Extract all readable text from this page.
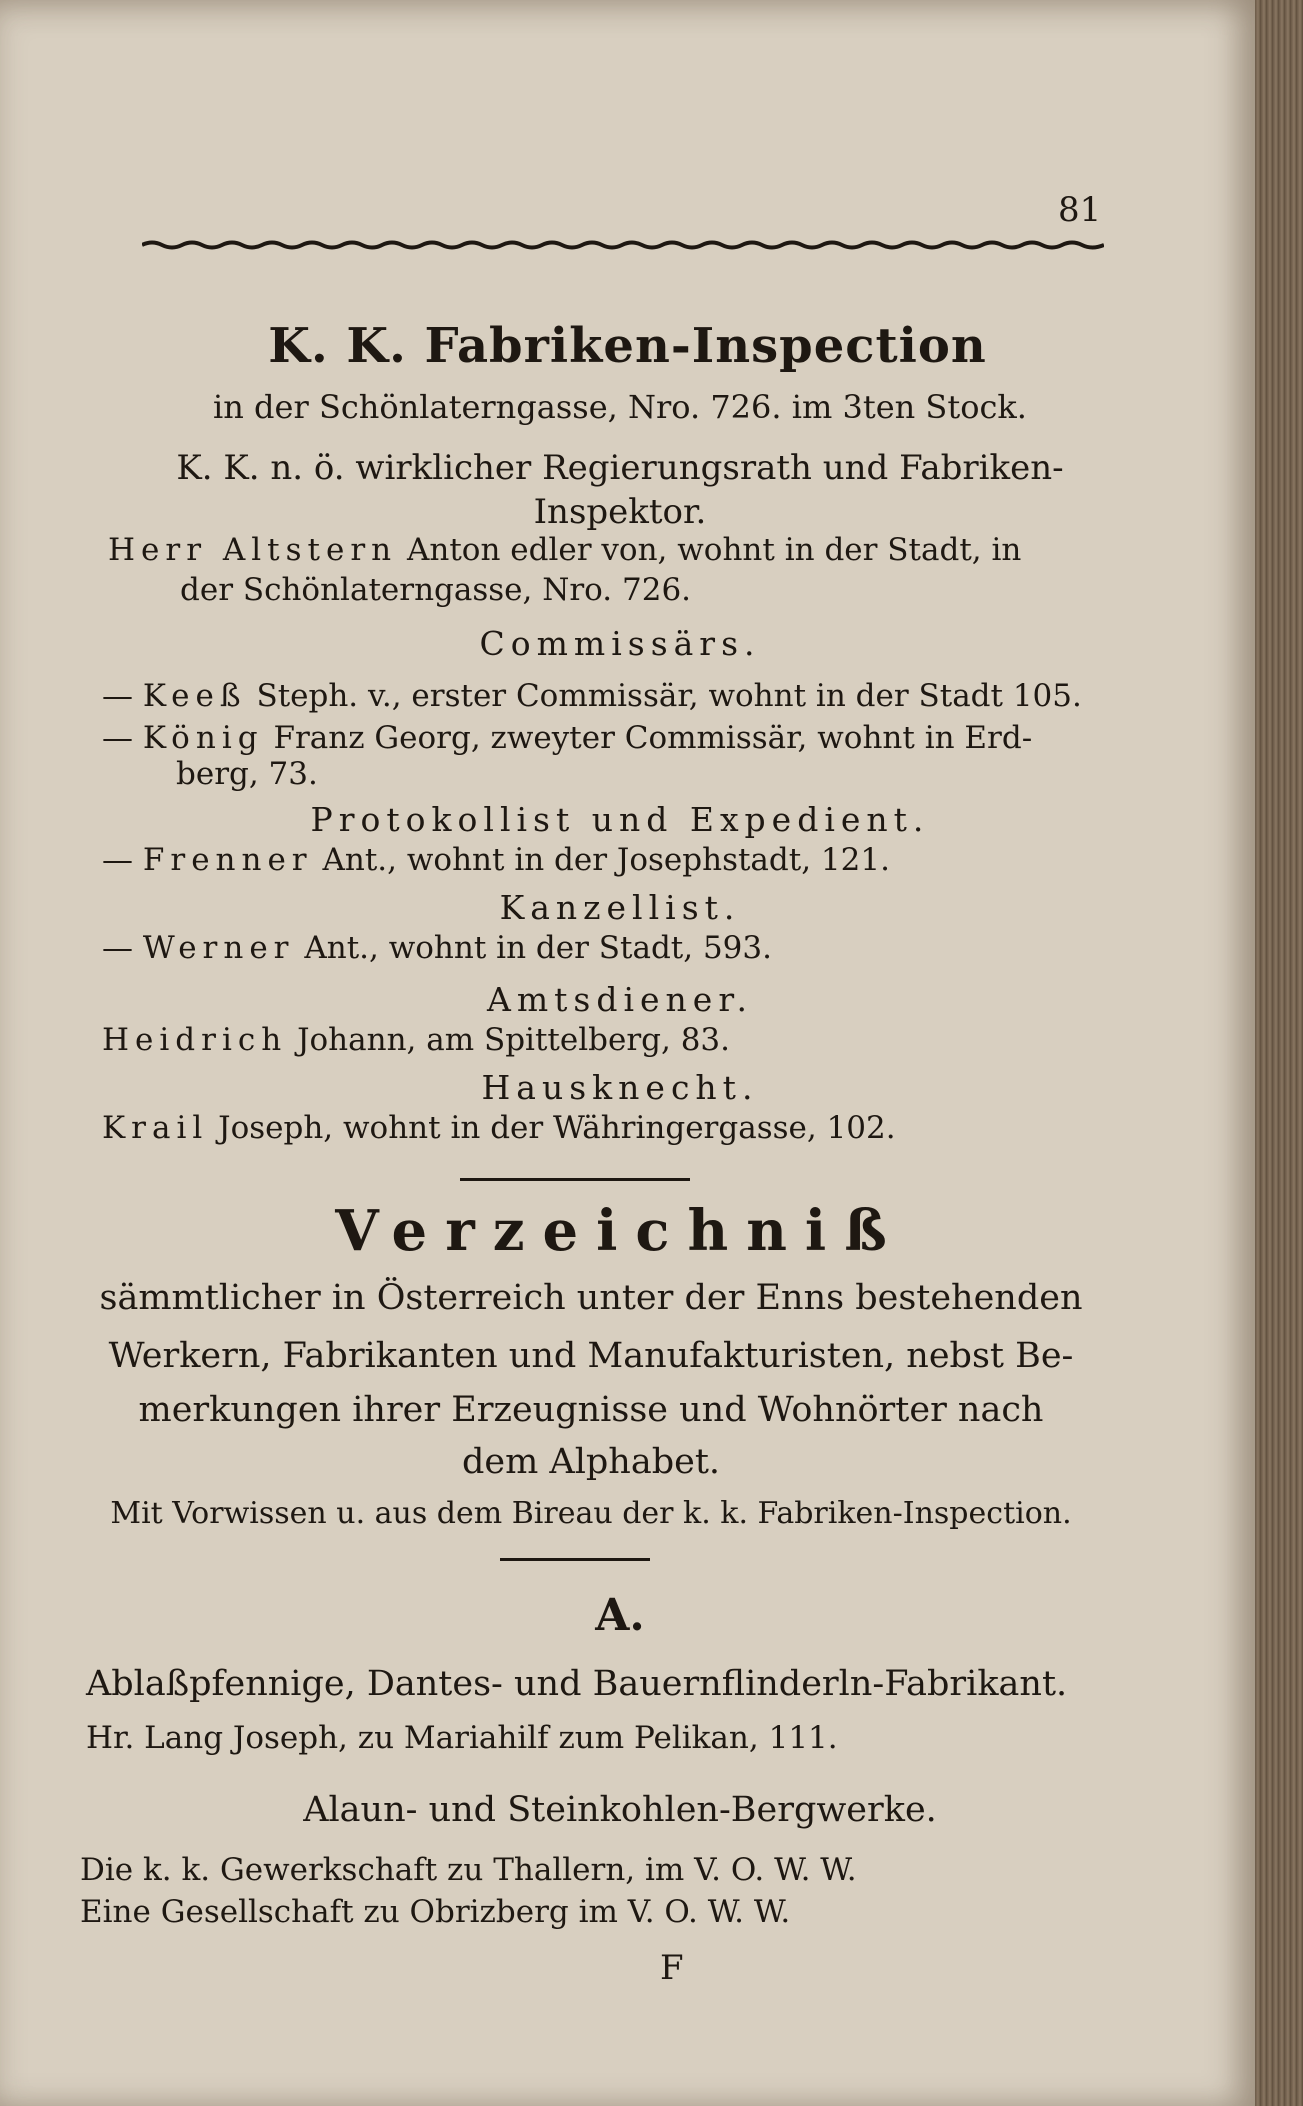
81
K. K. Fabriken-Inspection
in der Schönlaterngasse, Nro. 726. im 3ten Stock.
K. K. n. ö. wirklicher Regierungsrath und Fabriken-
Inspektor.
Herr Altstern Anton edler von, wohnt in der Stadt, in
der Schönlaterngasse, Nro. 726.
Commissärs.
— Keeß Steph. v., erster Commissär, wohnt in der Stadt 105.
— König Franz Georg, zweyter Commissär, wohnt in Erd-
berg, 73.
Protokollist und Expedient.
— Frenner Ant., wohnt in der Josephstadt, 121.
Kanzellist.
— Werner Ant., wohnt in der Stadt, 593.
Amtsdiener.
Heidrich Johann, am Spittelberg, 83.
Hausknecht.
Krail Joseph, wohnt in der Währingergasse, 102.
Verzeichniß
sämmtlicher in Österreich unter der Enns bestehenden
Werkern, Fabrikanten und Manufakturisten, nebst Be-
merkungen ihrer Erzeugnisse und Wohnörter nach
dem Alphabet.
Mit Vorwissen u. aus dem Bireau der k. k. Fabriken-Inspection.
A.
Ablaßpfennige, Dantes- und Bauernflinderln-Fabrikant.
Hr. Lang Joseph, zu Mariahilf zum Pelikan, 111.
Alaun- und Steinkohlen-Bergwerke.
Die k. k. Gewerkschaft zu Thallern, im V. O. W. W.
Eine Gesellschaft zu Obrizberg im V. O. W. W.
F
